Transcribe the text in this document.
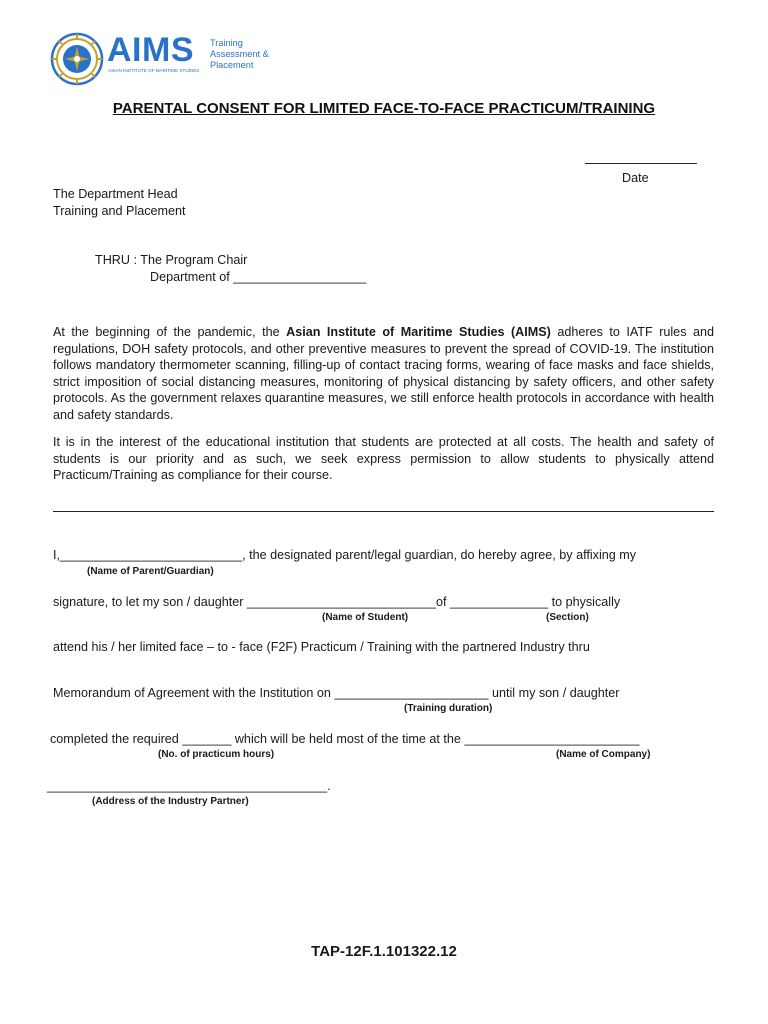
AIMS
ASIAN INSTITUTE OF MARITIME STUDIES
Training
Assessment &
Placement
PARENTAL CONSENT FOR LIMITED FACE-TO-FACE PRACTICUM/TRAINING
Date
The Department Head
Training and Placement
THRU : The Program Chair
Department of ___________________
At the beginning of the pandemic, the Asian Institute of Maritime Studies (AIMS) adheres to IATF rules and regulations, DOH safety protocols, and other preventive measures to prevent the spread of COVID-19. The institution follows mandatory thermometer scanning, filling-up of contact tracing forms, wearing of face masks and face shields, strict imposition of social distancing measures, monitoring of physical distancing by safety officers, and other safety protocols. As the government relaxes quarantine measures, we still enforce health protocols in accordance with health and safety standards.
It is in the interest of the educational institution that students are protected at all costs. The health and safety of students is our priority and as such, we seek express permission to allow students to physically attend Practicum/Training as compliance for their course.
I,__________________________, the designated parent/legal guardian, do hereby agree, by affixing my
(Name of Parent/Guardian)
signature, to let my son / daughter ___________________________of ______________ to physically
(Name of Student)	(Section)
attend his / her limited face – to - face (F2F) Practicum / Training with the partnered Industry thru
Memorandum of Agreement with the Institution on ______________________ until my son / daughter
(Training duration)
completed the required _______ which will be held most of the time at the _________________________
(No. of practicum hours)	(Name of Company)
________________________________________.
(Address of the Industry Partner)
TAP-12F.1.101322.12
